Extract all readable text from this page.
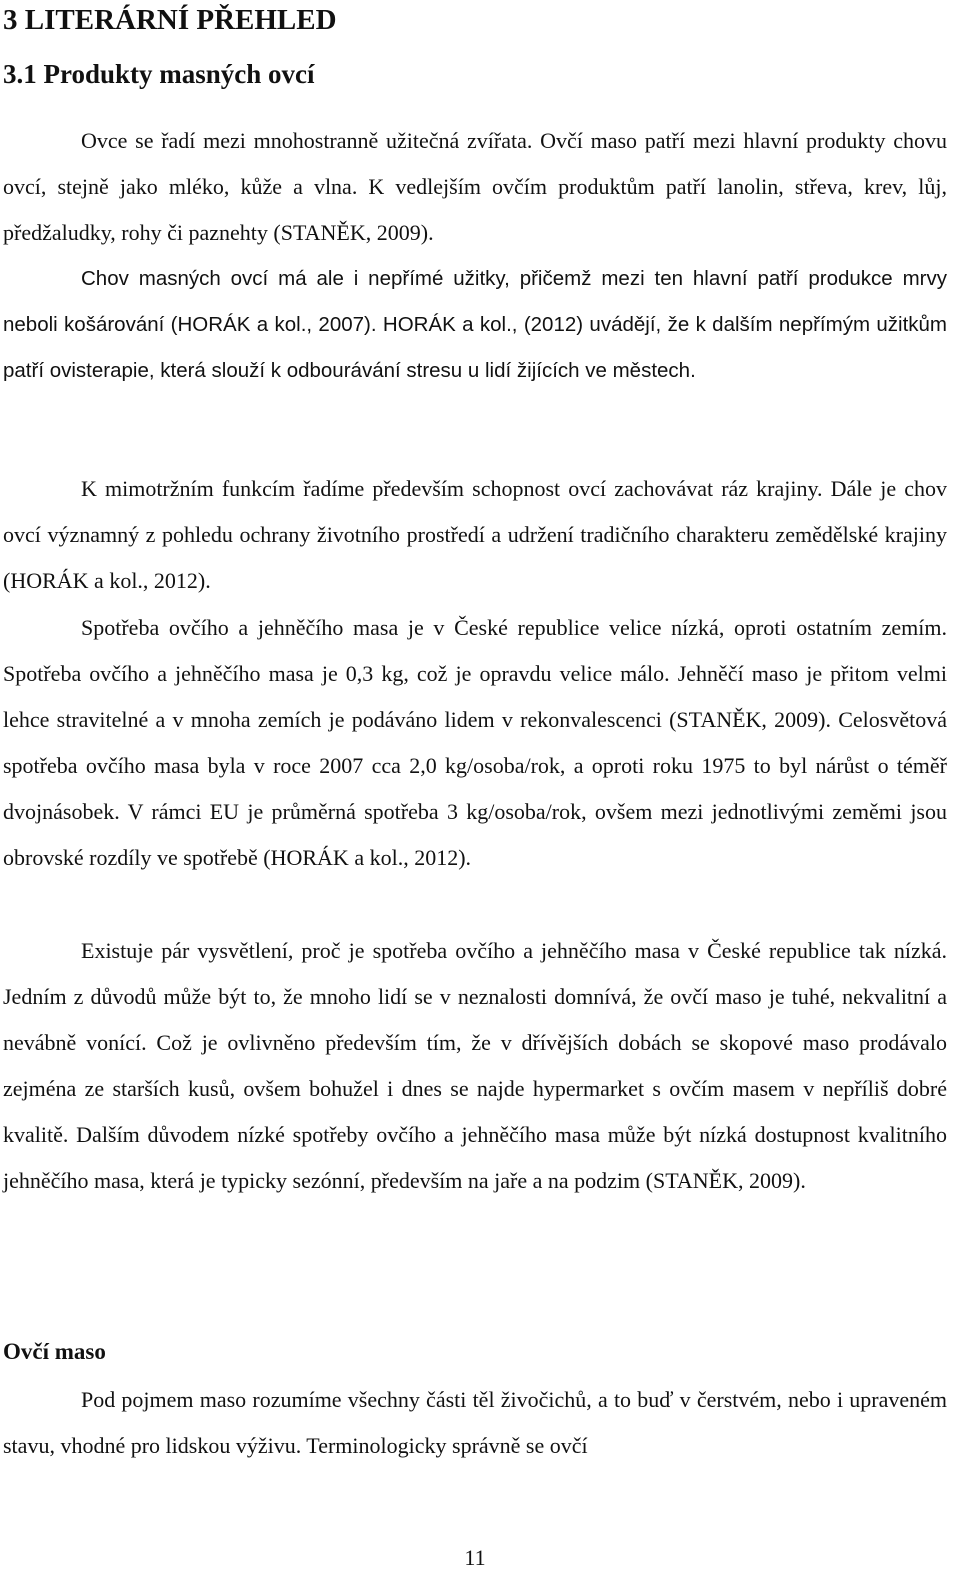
3 LITERÁRNÍ PŘEHLED
3.1 Produkty masných ovcí

Ovce se řadí mezi mnohostranně užitečná zvířata. Ovčí maso patří mezi hlavní produkty chovu ovcí, stejně jako mléko, kůže a vlna. K vedlejším ovčím produktům patří lanolin, střeva, krev, lůj, předžaludky, rohy či paznehty (STANĚK, 2009).

Chov masných ovcí má ale i nepřímé užitky, přičemž mezi ten hlavní patří produkce mrvy neboli košárování (HORÁK a kol., 2007). HORÁK a kol., (2012) uvádějí, že k dalším nepřímým užitkům patří ovisterapie, která slouží k odbourávání stresu u lidí žijících ve městech.

K mimotržním funkcím řadíme především schopnost ovcí zachovávat ráz krajiny. Dále je chov ovcí významný z pohledu ochrany životního prostředí a udržení tradičního charakteru zemědělské krajiny (HORÁK a kol., 2012).

Spotřeba ovčího a jehněčího masa je v České republice velice nízká, oproti ostatním zemím. Spotřeba ovčího a jehněčího masa je 0,3 kg, což je opravdu velice málo. Jehněčí maso je přitom velmi lehce stravitelné a v mnoha zemích je podáváno lidem v rekonvalescenci (STANĚK, 2009). Celosvětová spotřeba ovčího masa byla v roce 2007 cca 2,0 kg/osoba/rok, a oproti roku 1975 to byl nárůst o téměř dvojnásobek. V rámci EU je průměrná spotřeba 3 kg/osoba/rok, ovšem mezi jednotlivými zeměmi jsou obrovské rozdíly ve spotřebě (HORÁK a kol., 2012).

Existuje pár vysvětlení, proč je spotřeba ovčího a jehněčího masa v České republice tak nízká. Jedním z důvodů může být to, že mnoho lidí se v neznalosti domnívá, že ovčí maso je tuhé, nekvalitní a nevábně vonící. Což je ovlivněno především tím, že v dřívějších dobách se skopové maso prodávalo zejména ze starších kusů, ovšem bohužel i dnes se najde hypermarket s ovčím masem v nepříliš dobré kvalitě. Dalším důvodem nízké spotřeby ovčího a jehněčího masa může být nízká dostupnost kvalitního jehněčího masa, která je typicky sezónní, především na jaře a na podzim (STANĚK, 2009).

Ovčí maso

Pod pojmem maso rozumíme všechny části těl živočichů, a to buď v čerstvém, nebo i upraveném stavu, vhodné pro lidskou výživu. Terminologicky správně se ovčí

11
